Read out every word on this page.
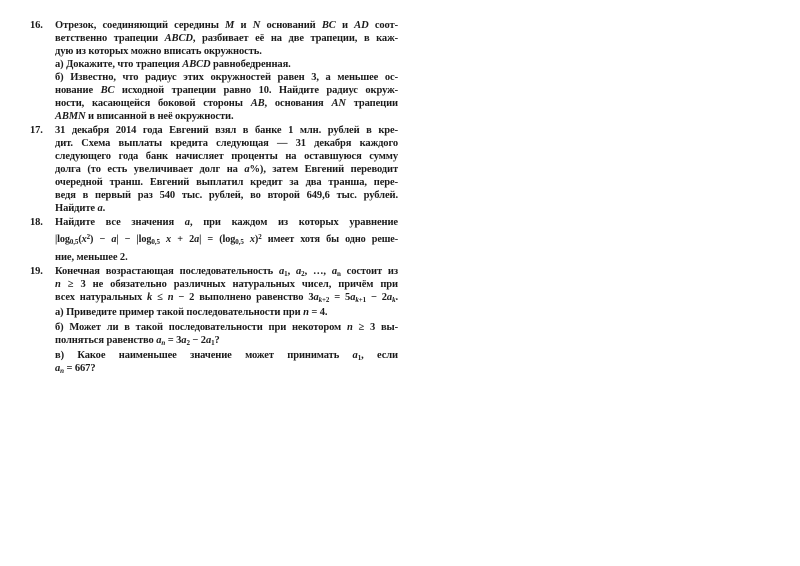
16.	Отрезок, соединяющий середины M и N оснований BC и AD соот-
ветственно трапеции ABCD, разбивает её на две трапеции, в каж-
дую из которых можно вписать окружность.
а) Докажите, что трапеция ABCD равнобедренная.
б) Известно, что радиус этих окружностей равен 3, а меньшее ос-
нование BC исходной трапеции равно 10. Найдите радиус окруж-
ности, касающейся боковой стороны AB, основания AN трапеции
ABMN и вписанной в неё окружности.
17.	31 декабря 2014 года Евгений взял в банке 1 млн. рублей в кре-
дит. Схема выплаты кредита следующая — 31 декабря каждого
следующего года банк начисляет проценты на оставшуюся сумму
долга (то есть увеличивает долг на a%), затем Евгений переводит
очередной транш. Евгений выплатил кредит за два транша, пере-
ведя в первый раз 540 тыс. рублей, во второй 649,6 тыс. рублей.
Найдите a.
18.	Найдите все значения a, при каждом из которых уравнение
$|\log_{0,5}(x^2) - a| - |\log_{0,5}$ $x + 2a| = (\log_{0,5}$ x)$^2$ имеет хотя бы одно реше-
ние, меньшее 2.
19.	Конечная возрастающая последовательность $a_1$, $a_2$, …, $a_n$ состоит из
n ≥ 3 не обязательно различных натуральных чисел, причём при
всех натуральных k ≤ n − 2 выполнено равенство $3a_{k+2} = 5a_{k+1} - 2a_k$.
а) Приведите пример такой последовательности при n = 4.
б) Может ли в такой последовательности при некотором n ≥ 3 вы-
полняться равенство $a_n = 3a_2 - 2a_1$?
в) Какое наименьшее значение может принимать $a_1$, если
$a_n = 667$?
